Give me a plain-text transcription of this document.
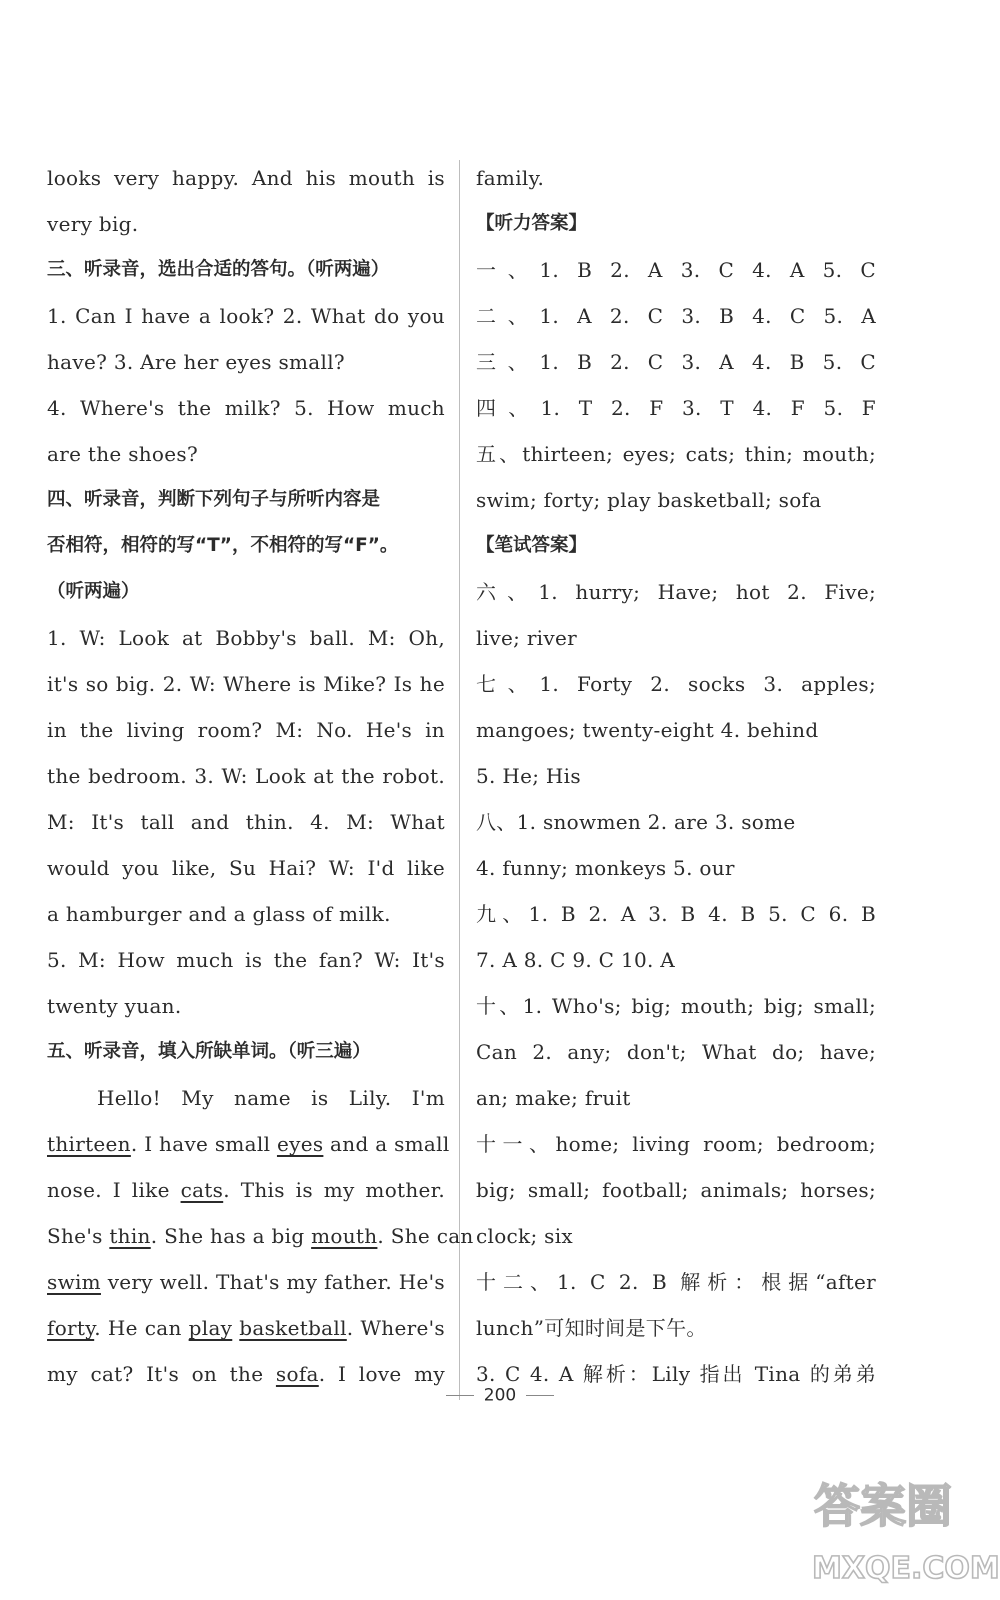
looks very happy. And his mouth is
very big.
三、听录音，选出合适的答句。（听两遍）
1. Can I have a look? 2. What do you
have? 3. Are her eyes small?
4. Where's the milk? 5. How much
are the shoes?
四、听录音，判断下列句子与所听内容是
否相符，相符的写“T”，不相符的写“F”。
（听两遍）
1. W: Look at Bobby's ball. M: Oh,
it's so big. 2. W: Where is Mike? Is he
in the living room? M: No. He's in
the bedroom. 3. W: Look at the robot.
M: It's tall and thin. 4. M: What
would you like, Su Hai? W: I'd like
a hamburger and a glass of milk.
5. M: How much is the fan? W: It's
twenty yuan.
五、听录音，填入所缺单词。（听三遍）
Hello! My name is Lily. I'm
thirteen. I have small eyes and a small
nose. I like cats. This is my mother.
She's thin. She has a big mouth. She can
swim very well. That's my father. He's
forty. He can play basketball. Where's
my cat? It's on the sofa. I love my
family.
【听力答案】
一、1. B 2. A 3. C 4. A 5. C
二、1. A 2. C 3. B 4. C 5. A
三、1. B 2. C 3. A 4. B 5. C
四、1. T 2. F 3. T 4. F 5. F
五、thirteen; eyes; cats; thin; mouth;
swim; forty; play basketball; sofa
【笔试答案】
六、1. hurry; Have; hot 2. Five;
live; river
七、1. Forty 2. socks 3. apples;
mangoes; twenty-eight 4. behind
5. He; His
八、1. snowmen 2. are 3. some
4. funny; monkeys 5. our
九、1. B 2. A 3. B 4. B 5. C 6. B
7. A 8. C 9. C 10. A
十、1. Who's; big; mouth; big; small;
Can 2. any; don't; What do; have;
an; make; fruit
十一、home; living room; bedroom;
big; small; football; animals; horses;
clock; six
十二、1. C 2. B 解析：根据“after
lunch”可知时间是下午。
3. C 4. A 解析：Lily 指出 Tina 的弟弟
200
答案圈
MXQE.COM
